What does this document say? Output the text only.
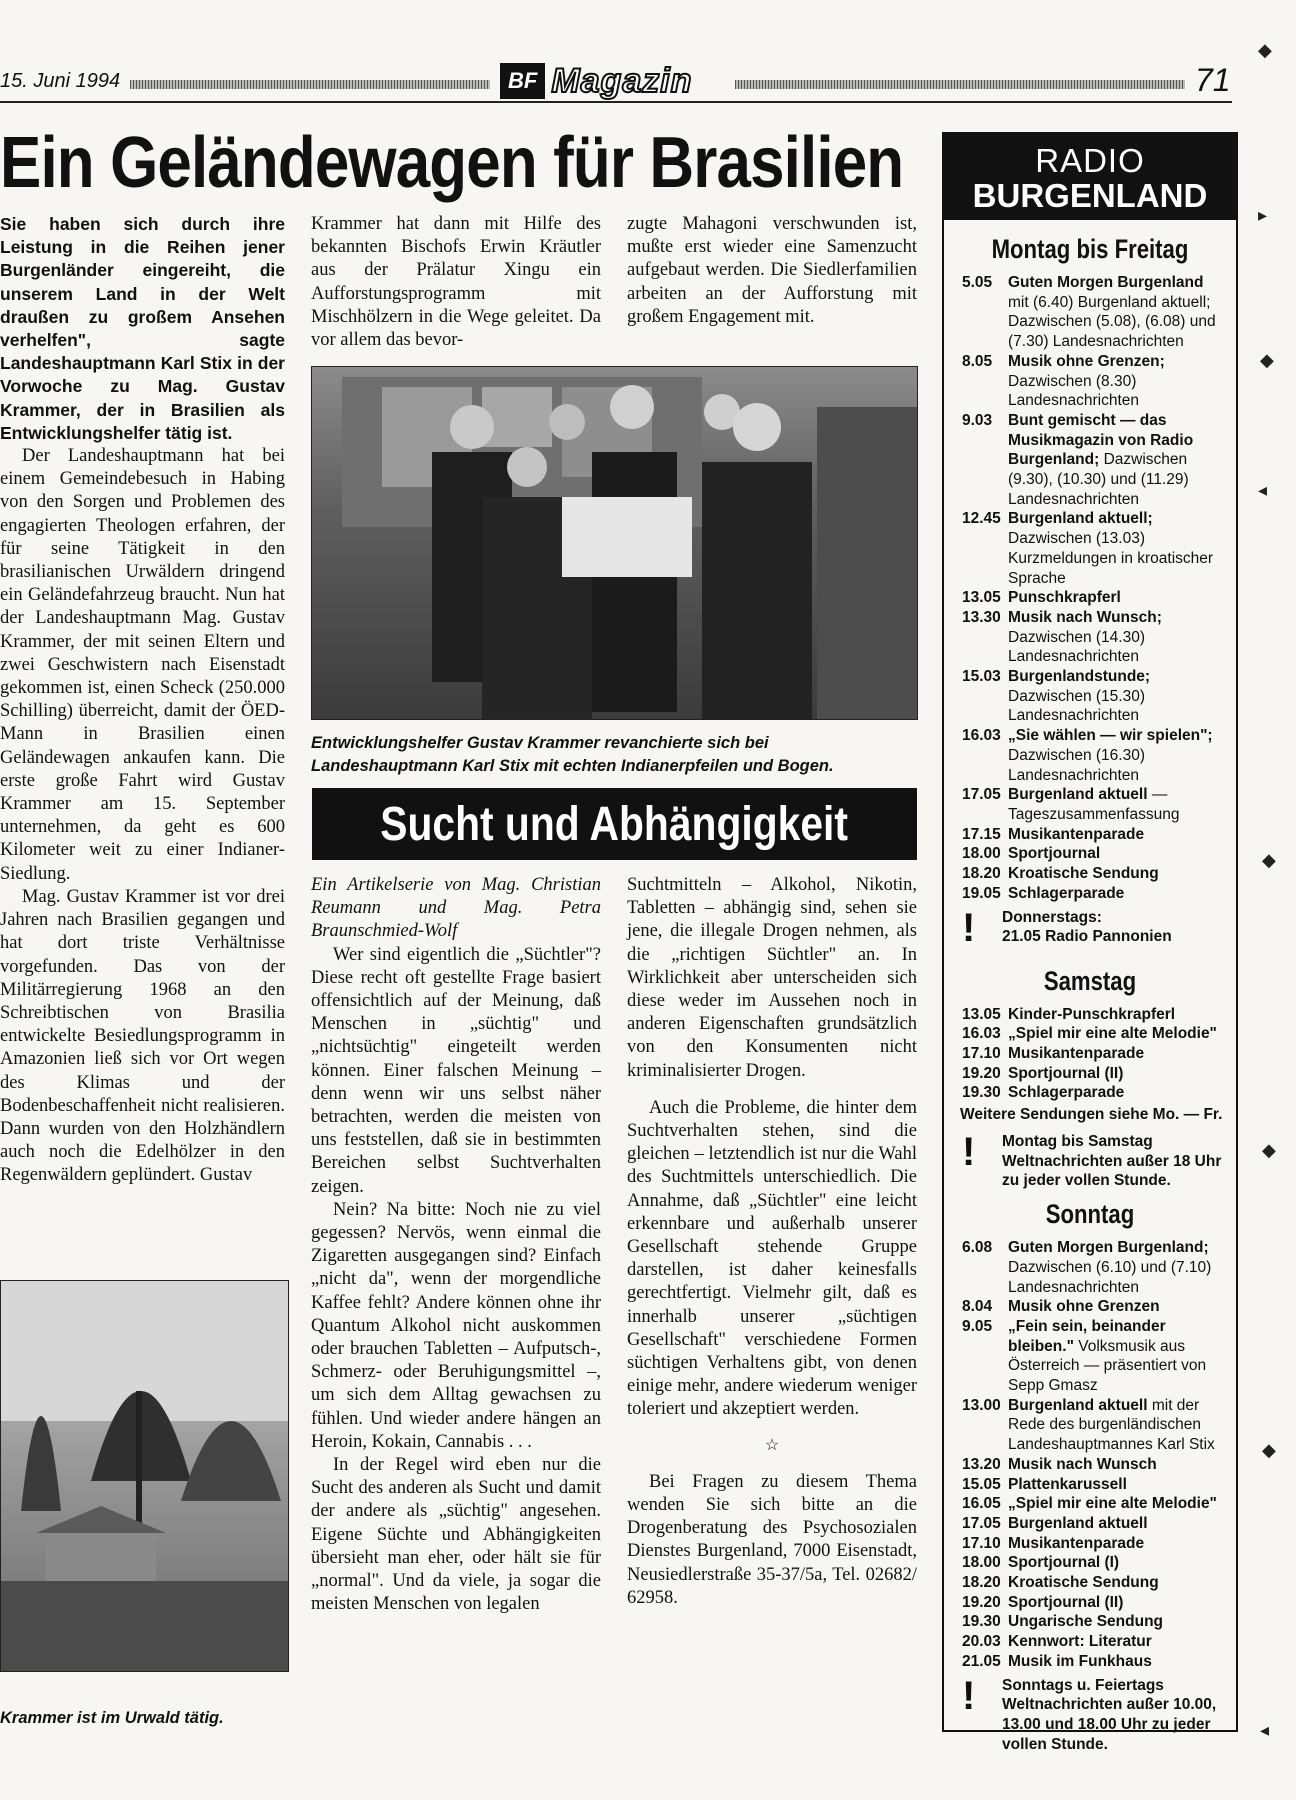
15. Juni 1994	BF Magazin	71
Ein Geländewagen für Brasilien

Sie haben sich durch ihre Leistung in die Reihen jener Burgenländer eingereiht, die unserem Land in der Welt draußen zu großem Ansehen verhelfen", sagte Landeshauptmann Karl Stix in der Vorwoche zu Mag. Gustav Krammer, der in Brasilien als Entwicklungshelfer tätig ist.

Der Landeshauptmann hat bei einem Gemeindebesuch in Habing von den Sorgen und Problemen des engagierten Theologen erfahren, der für seine Tätigkeit in den brasilianischen Urwäldern dringend ein Geländefahrzeug braucht. Nun hat der Landeshauptmann Mag. Gustav Krammer, der mit seinen Eltern und zwei Geschwistern nach Eisenstadt gekommen ist, einen Scheck (250.000 Schilling) überreicht, damit der ÖED-Mann in Brasilien einen Geländewagen ankaufen kann. Die erste große Fahrt wird Gustav Krammer am 15. September unternehmen, da geht es 600 Kilometer weit zu einer Indianer-Siedlung.

Mag. Gustav Krammer ist vor drei Jahren nach Brasilien gegangen und hat dort triste Verhältnisse vorgefunden. Das von der Militärregierung 1968 an den Schreibtischen von Brasilia entwickelte Besiedlungsprogramm in Amazonien ließ sich vor Ort wegen des Klimas und der Bodenbeschaffenheit nicht realisieren. Dann wurden von den Holzhändlern auch noch die Edelhölzer in den Regenwäldern geplündert. Gustav

Krammer hat dann mit Hilfe des bekannten Bischofs Erwin Kräutler aus der Prälatur Xingu ein Aufforstungsprogramm mit Mischhölzern in die Wege geleitet. Da vor allem das bevor-

zugte Mahagoni verschwunden ist, mußte erst wieder eine Samenzucht aufgebaut werden. Die Siedlerfamilien arbeiten an der Aufforstung mit großem Engagement mit.

Entwicklungshelfer Gustav Krammer revanchierte sich bei Landeshauptmann Karl Stix mit echten Indianerpfeilen und Bogen.
Sucht und Abhängigkeit

Ein Artikelserie von Mag. Christian Reumann und Mag. Petra Braunschmied-Wolf

Wer sind eigentlich die „Süchtler"? Diese recht oft gestellte Frage basiert offensichtlich auf der Meinung, daß Menschen in „süchtig" und „nichtsüchtig" eingeteilt werden können. Einer falschen Meinung – denn wenn wir uns selbst näher betrachten, werden die meisten von uns feststellen, daß sie in bestimmten Bereichen selbst Suchtverhalten zeigen.

Nein? Na bitte: Noch nie zu viel gegessen? Nervös, wenn einmal die Zigaretten ausgegangen sind? Einfach „nicht da", wenn der morgendliche Kaffee fehlt? Andere können ohne ihr Quantum Alkohol nicht auskommen oder brauchen Tabletten – Aufputsch-, Schmerz- oder Beruhigungsmittel –, um sich dem Alltag gewachsen zu fühlen. Und wieder andere hängen an Heroin, Kokain, Cannabis . . .

In der Regel wird eben nur die Sucht des anderen als Sucht und damit der andere als „süchtig" angesehen. Eigene Süchte und Abhängigkeiten übersieht man eher, oder hält sie für „normal". Und da viele, ja sogar die meisten Menschen von legalen

Suchtmitteln – Alkohol, Nikotin, Tabletten – abhängig sind, sehen sie jene, die illegale Drogen nehmen, als die „richtigen Süchtler" an. In Wirklichkeit aber unterscheiden sich diese weder im Aussehen noch in anderen Eigenschaften grundsätzlich von den Konsumenten nicht kriminalisierter Drogen.

Auch die Probleme, die hinter dem Suchtverhalten stehen, sind die gleichen – letztendlich ist nur die Wahl des Suchtmittels unterschiedlich. Die Annahme, daß „Süchtler" eine leicht erkennbare und außerhalb unserer Gesellschaft stehende Gruppe darstellen, ist daher keinesfalls gerechtfertigt. Vielmehr gilt, daß es innerhalb unserer „süchtigen Gesellschaft" verschiedene Formen süchtigen Verhaltens gibt, von denen einige mehr, andere wiederum weniger toleriert und akzeptiert werden.

☆

Bei Fragen zu diesem Thema wenden Sie sich bitte an die Drogenberatung des Psychosozialen Dienstes Burgenland, 7000 Eisenstadt, Neusiedlerstraße 35-37/5a, Tel. 02682/ 62958.

Krammer ist im Urwald tätig.
RADIO
BURGENLAND
Montag bis Freitag
5.05	Guten Morgen Burgenland mit (6.40) Burgenland aktuell; Dazwischen (5.08), (6.08) und (7.30) Landesnachrichten
8.05	Musik ohne Grenzen; Dazwischen (8.30) Landesnachrichten
9.03	Bunt gemischt — das Musikmagazin von Radio Burgenland; Dazwischen (9.30), (10.30) und (11.29) Landesnachrichten
12.45 Burgenland aktuell; Dazwischen (13.03) Kurzmeldungen in kroatischer Sprache
13.05 Punschkrapferl
13.30 Musik nach Wunsch; Dazwischen (14.30) Landesnachrichten
15.03 Burgenlandstunde; Dazwischen (15.30) Landesnachrichten
16.03 „Sie wählen — wir spielen"; Dazwischen (16.30) Landesnachrichten
17.05 Burgenland aktuell — Tageszusammenfassung
17.15 Musikantenparade
18.00 Sportjournal
18.20 Kroatische Sendung
19.05 Schlagerparade
!	Donnerstags:
21.05 Radio Pannonien
Samstag
13.05 Kinder-Punschkrapferl
16.03 „Spiel mir eine alte Melodie"
17.10 Musikantenparade
19.20 Sportjournal (II)
19.30 Schlagerparade
Weitere Sendungen siehe Mo. — Fr.
!	Montag bis Samstag Weltnachrichten außer 18 Uhr zu jeder vollen Stunde.
Sonntag
6.08	Guten Morgen Burgenland; Dazwischen (6.10) und (7.10) Landesnachrichten
8.04	Musik ohne Grenzen
9.05	„Fein sein, beinander bleiben." Volksmusik aus Österreich — präsentiert von Sepp Gmasz
13.00 Burgenland aktuell mit der Rede des burgenländischen Landeshauptmannes Karl Stix
13.20 Musik nach Wunsch
15.05 Plattenkarussell
16.05 „Spiel mir eine alte Melodie"
17.05 Burgenland aktuell
17.10 Musikantenparade
18.00 Sportjournal (I)
18.20 Kroatische Sendung
19.20 Sportjournal (II)
19.30 Ungarische Sendung
20.03 Kennwort: Literatur
21.05 Musik im Funkhaus
!	Sonntags u. Feiertags Weltnachrichten außer 10.00, 13.00 und 18.00 Uhr zu jeder vollen Stunde.
◆
▸
◆
◂
◆
◆
◆
◂
